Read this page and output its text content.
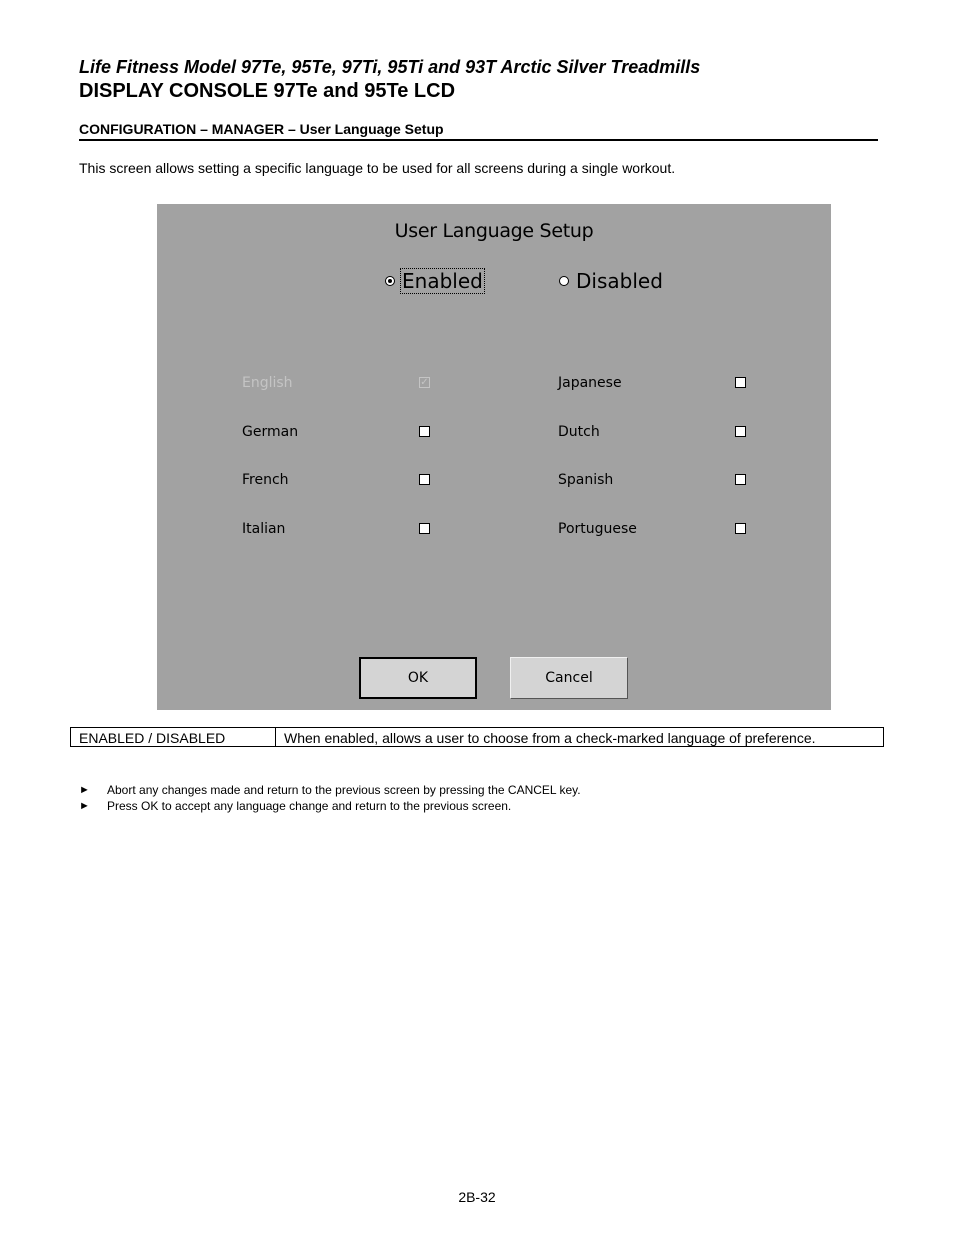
Life Fitness Model 97Te, 95Te, 97Ti, 95Ti and 93T Arctic Silver Treadmills
DISPLAY CONSOLE 97Te and 95Te LCD
CONFIGURATION – MANAGER – User Language Setup
This screen allows setting a specific language to be used for all screens during a single workout.
User Language Setup
Enabled	Disabled
English	✓
German
French
Italian
Japanese
Dutch
Spanish
Portuguese
OK	Cancel
ENABLED / DISABLED	When enabled, allows a user to choose from a check-marked language of preference.
►	Abort any changes made and return to the previous screen by pressing the CANCEL key.
►	Press OK to accept any language change and return to the previous screen.
2B-32
